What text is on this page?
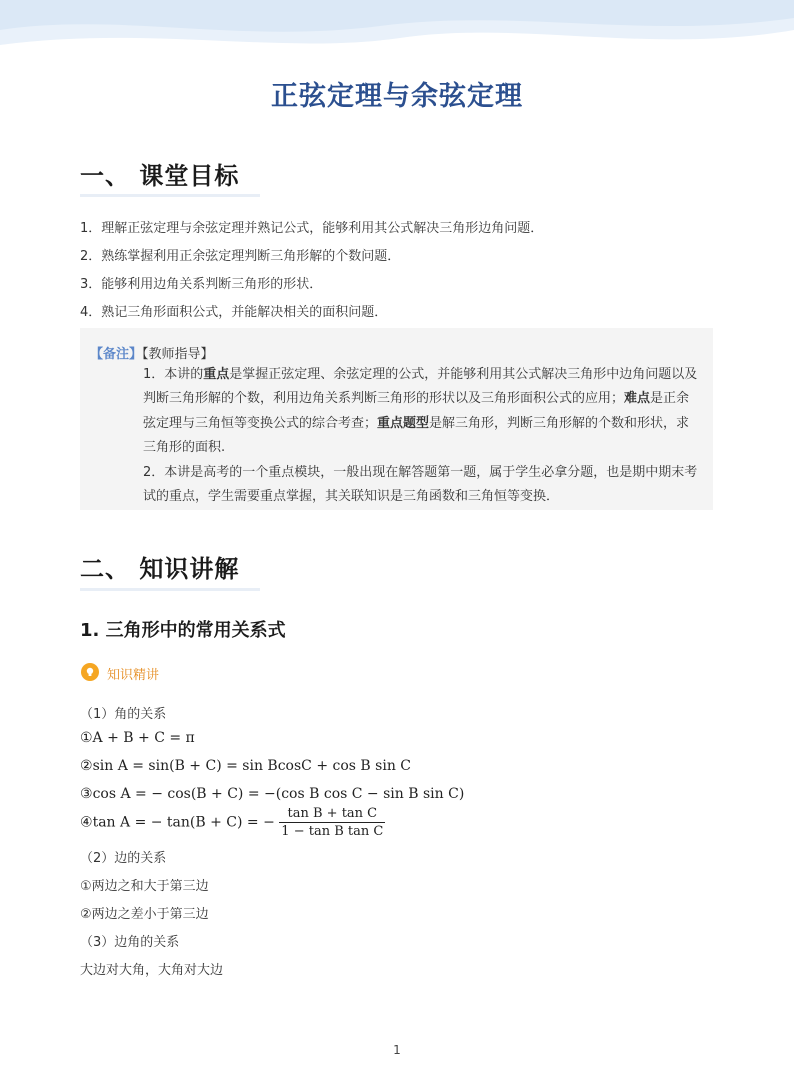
正弦定理与余弦定理
一、 课堂目标
1．理解正弦定理与余弦定理并熟记公式，能够利用其公式解决三角形边角问题．
2．熟练掌握利用正余弦定理判断三角形解的个数问题．
3．能够利用边角关系判断三角形的形状．
4．熟记三角形面积公式，并能解决相关的面积问题．
【备注】【教师指导】

1．本讲的重点是掌握正弦定理、余弦定理的公式，并能够利用其公式解决三角形中边角问题以及判断三角形解的个数，利用边角关系判断三角形的形状以及三角形面积公式的应用；难点是正余弦定理与三角恒等变换公式的综合考查；重点题型是解三角形，判断三角形解的个数和形状，求三角形的面积.

2．本讲是高考的一个重点模块，一般出现在解答题第一题，属于学生必拿分题，也是期中期末考试的重点，学生需要重点掌握，其关联知识是三角函数和三角恒等变换．

二、 知识讲解
1. 三角形中的常用关系式
知识精讲
（1）角的关系
①A + B + C = π
②sin A = sin(B + C) = sin BcosC + cos B sin C
③cos A = − cos(B + C) = −(cos B cos C − sin B sin C)
④tan A = − tan(B + C) = − $\frac{\text{tan B + tan C}}{\text{1 − tan B tan C}}$
（2）边的关系
①两边之和大于第三边
②两边之差小于第三边
（3）边角的关系
大边对大角，大角对大边
1
